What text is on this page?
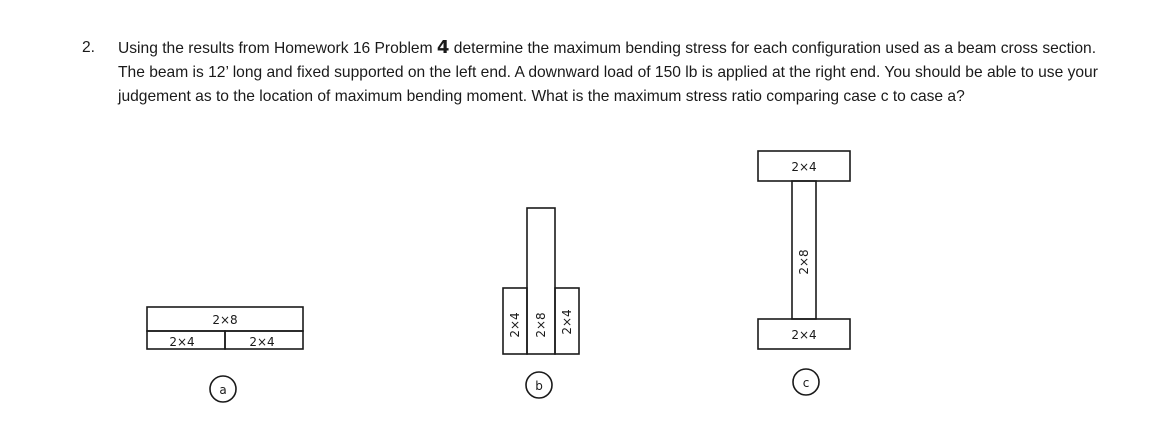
2. Using the results from Homework 16 Problem 4 determine the maximum bending stress for each configuration used as a beam cross section. The beam is 12’ long and fixed supported on the left end. A downward load of 150 lb is applied at the right end. You should be able to use your judgement as to the location of maximum bending moment. What is the maximum stress ratio comparing case c to case a?
2×8
2×4	2×4
a
2×4 2×8 2×4
b
2×4
2×8
2×4
c
